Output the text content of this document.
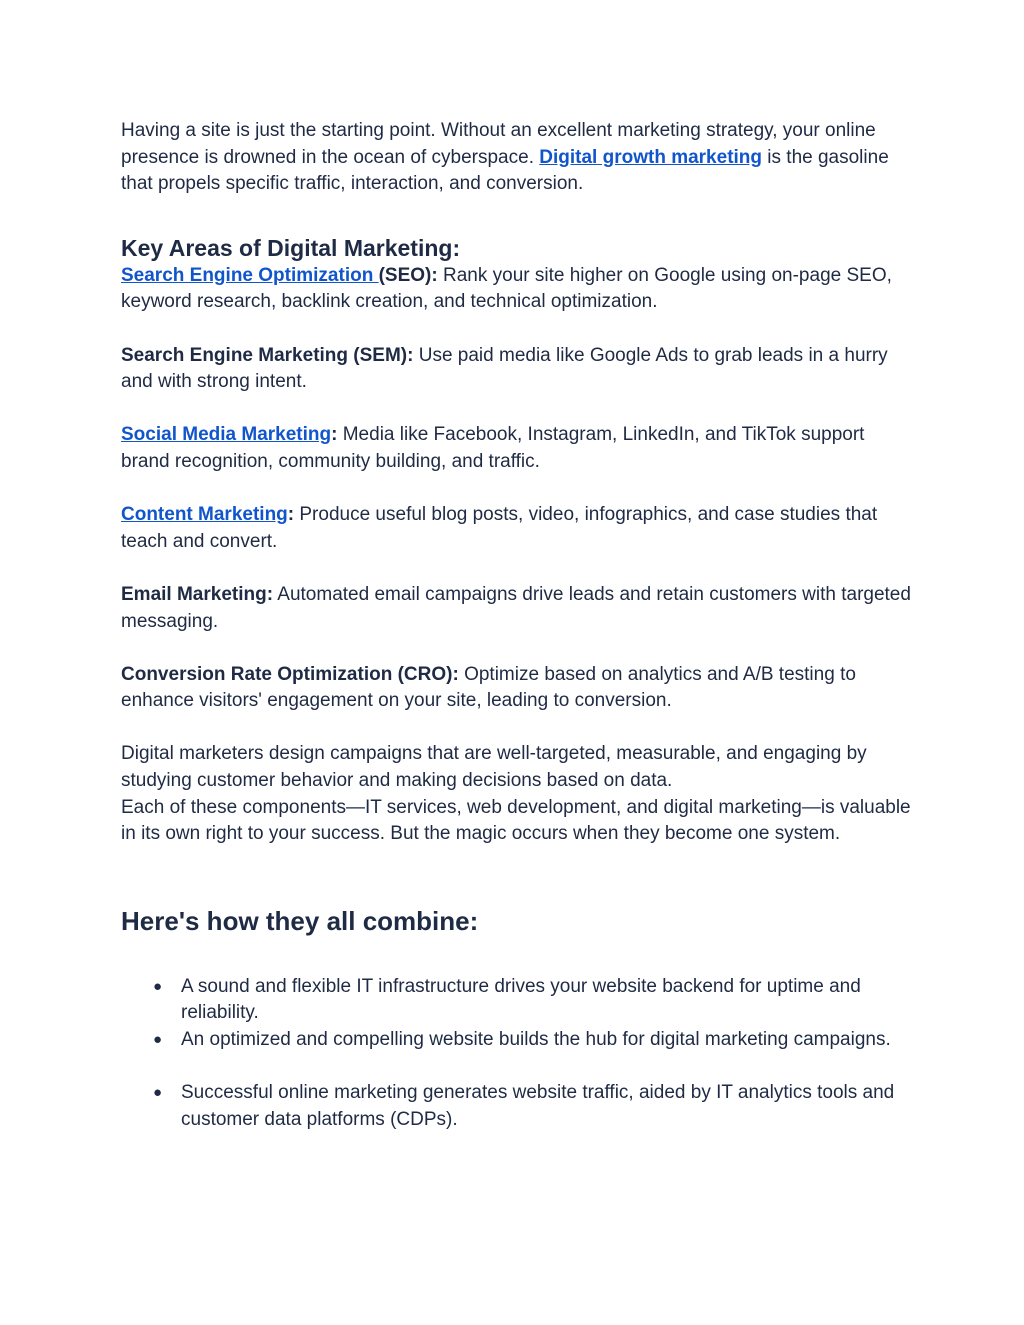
Having a site is just the starting point. Without an excellent marketing strategy, your online presence is drowned in the ocean of cyberspace. Digital growth marketing is the gasoline that propels specific traffic, interaction, and conversion.

Key Areas of Digital Marketing:

Search Engine Optimization (SEO): Rank your site higher on Google using on-page SEO, keyword research, backlink creation, and technical optimization.

Search Engine Marketing (SEM): Use paid media like Google Ads to grab leads in a hurry and with strong intent.

Social Media Marketing: Media like Facebook, Instagram, LinkedIn, and TikTok support brand recognition, community building, and traffic.

Content Marketing: Produce useful blog posts, video, infographics, and case studies that teach and convert.

Email Marketing: Automated email campaigns drive leads and retain customers with targeted messaging.

Conversion Rate Optimization (CRO): Optimize based on analytics and A/B testing to enhance visitors' engagement on your site, leading to conversion.

Digital marketers design campaigns that are well-targeted, measurable, and engaging by studying customer behavior and making decisions based on data.

Each of these components—IT services, web development, and digital marketing—is valuable in its own right to your success. But the magic occurs when they become one system.

Here's how they all combine:
● A sound and flexible IT infrastructure drives your website backend for uptime and reliability.
● An optimized and compelling website builds the hub for digital marketing campaigns.
● Successful online marketing generates website traffic, aided by IT analytics tools and customer data platforms (CDPs).
